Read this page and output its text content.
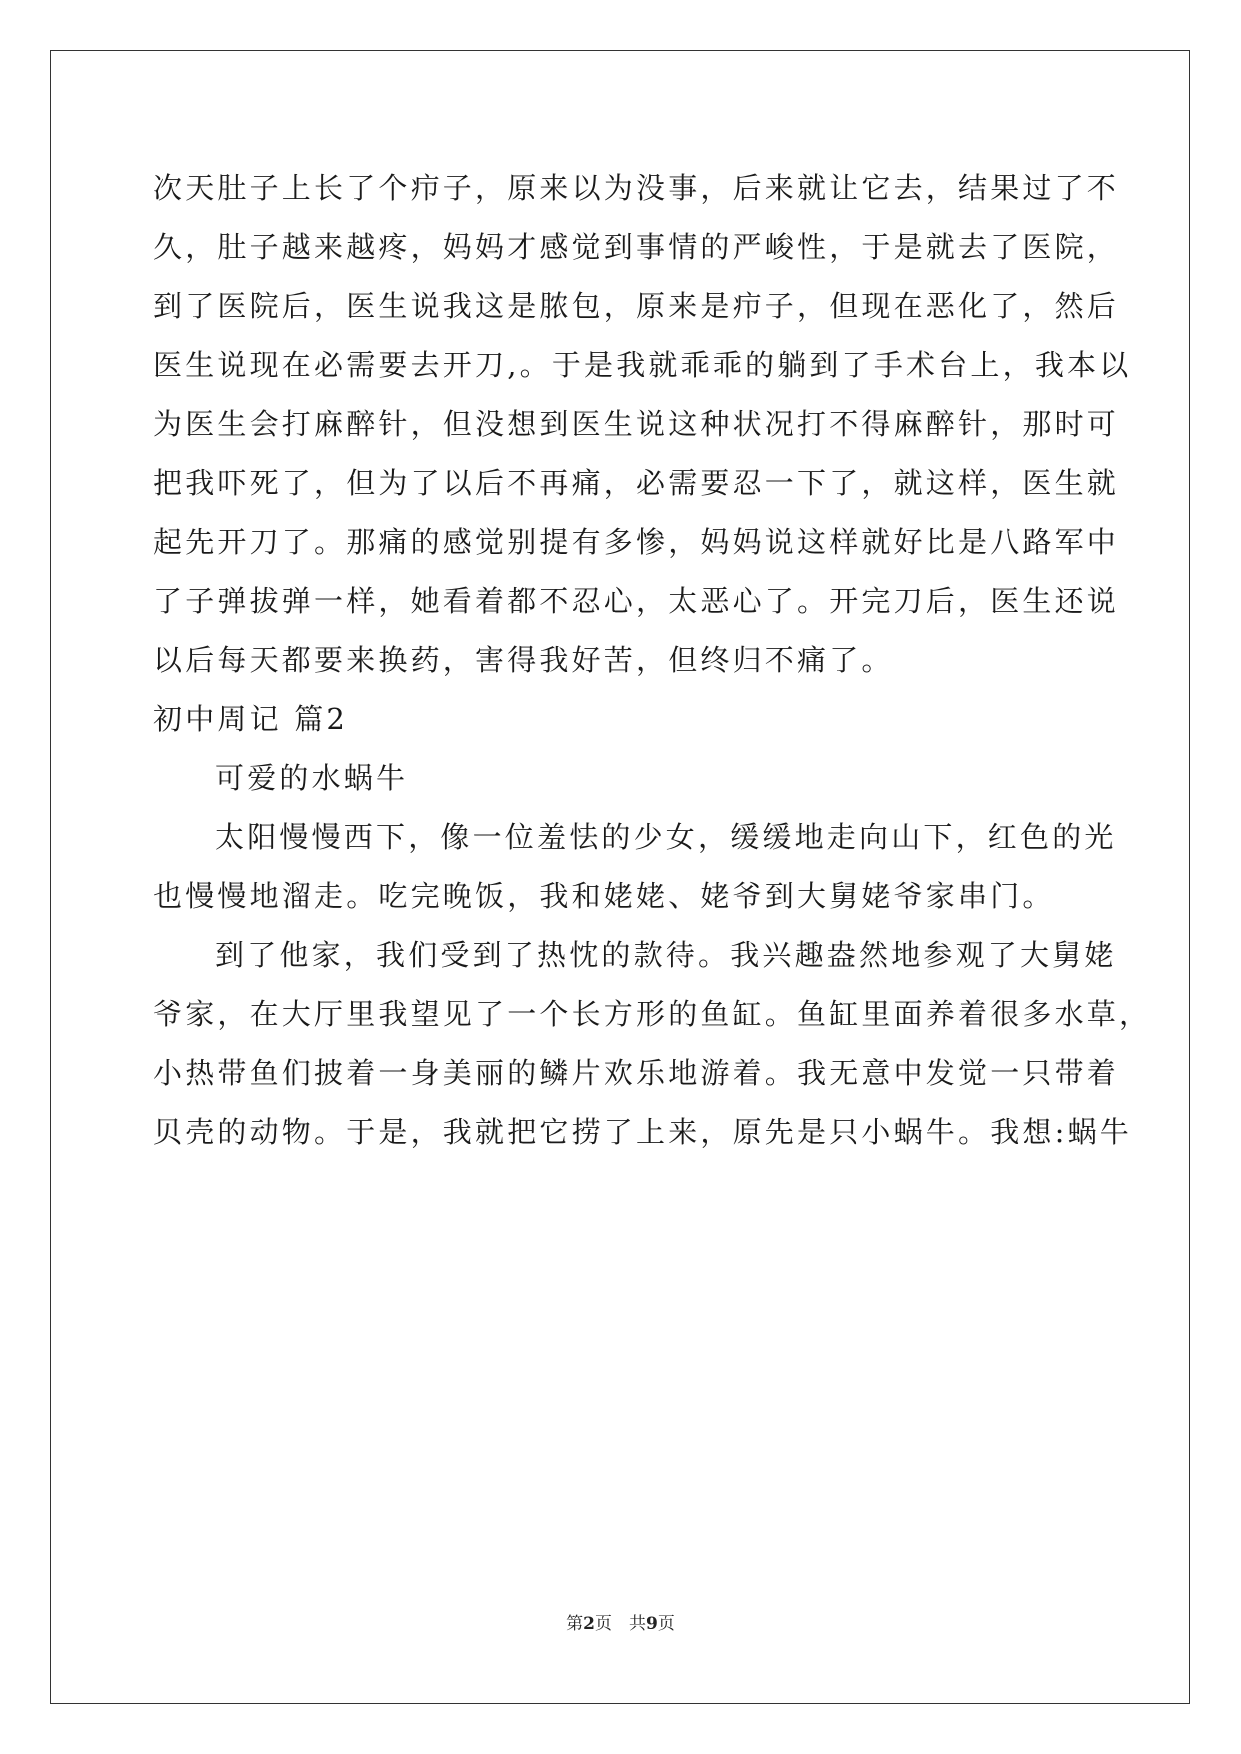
次天肚子上长了个疖子，原来以为没事，后来就让它去，结果过了不
久，肚子越来越疼，妈妈才感觉到事情的严峻性，于是就去了医院，
到了医院后，医生说我这是脓包，原来是疖子，但现在恶化了，然后
医生说现在必需要去开刀,。于是我就乖乖的躺到了手术台上，我本以
为医生会打麻醉针，但没想到医生说这种状况打不得麻醉针，那时可
把我吓死了，但为了以后不再痛，必需要忍一下了，就这样，医生就
起先开刀了。那痛的感觉别提有多惨，妈妈说这样就好比是八路军中
了子弹拔弹一样，她看着都不忍心，太恶心了。开完刀后，医生还说
以后每天都要来换药，害得我好苦，但终归不痛了。
初中周记 篇2
可爱的水蜗牛
太阳慢慢西下，像一位羞怯的少女，缓缓地走向山下，红色的光
也慢慢地溜走。吃完晚饭，我和姥姥、姥爷到大舅姥爷家串门。
到了他家，我们受到了热忱的款待。我兴趣盎然地参观了大舅姥
爷家，在大厅里我望见了一个长方形的鱼缸。鱼缸里面养着很多水草，
小热带鱼们披着一身美丽的鳞片欢乐地游着。我无意中发觉一只带着
贝壳的动物。于是，我就把它捞了上来，原先是只小蜗牛。我想:蜗牛
第2页　共9页
